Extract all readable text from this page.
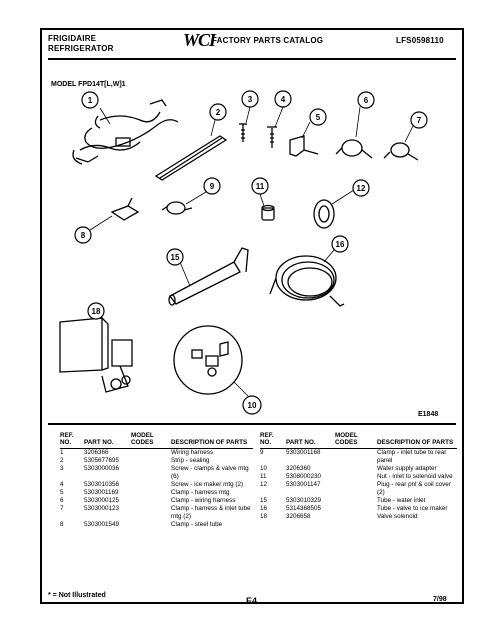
FRIGIDAIRE
REFRIGERATOR	WCI
FACTORY PARTS CATALOG	LFS0598110
MODEL FPD14T[L,W]1
E1848
1
2
3	4
5
6
7
8
9	11	12
15
16
18
10
REF. NO.	PART NO.	MODEL CODES	DESCRIPTION OF PARTS
1	3206366		Wiring harness
2	5305677695		Strip - sealing
3	5303000036		Screw - clamps & valve mtg (6)
4	5303010356		Screw - ice maker mtg (2)
5	5303001169		Clamp - harness mtg
6	5303000125		Clamp - wiring harness
7	5303000123		Clamp - harness & inlet tube mtg (2)
8	5303001549		Clamp - steel tube
REF. NO.	PART NO.	MODEL CODES	DESCRIPTION OF PARTS
9	5303001168		Clamp - inlet tube to rear panel
10	3206360		Water supply adapter
11	5308000230		Nut - inlet to solenoid valve
12	5303001147		Plug - rear pnl & coil cover (2)
15	5303010329		Tube - water inlet
16	5314368505		Tube - valve to ice maker
18	3206658		Valve solenoid
* = Not Illustrated
E4	7/98
